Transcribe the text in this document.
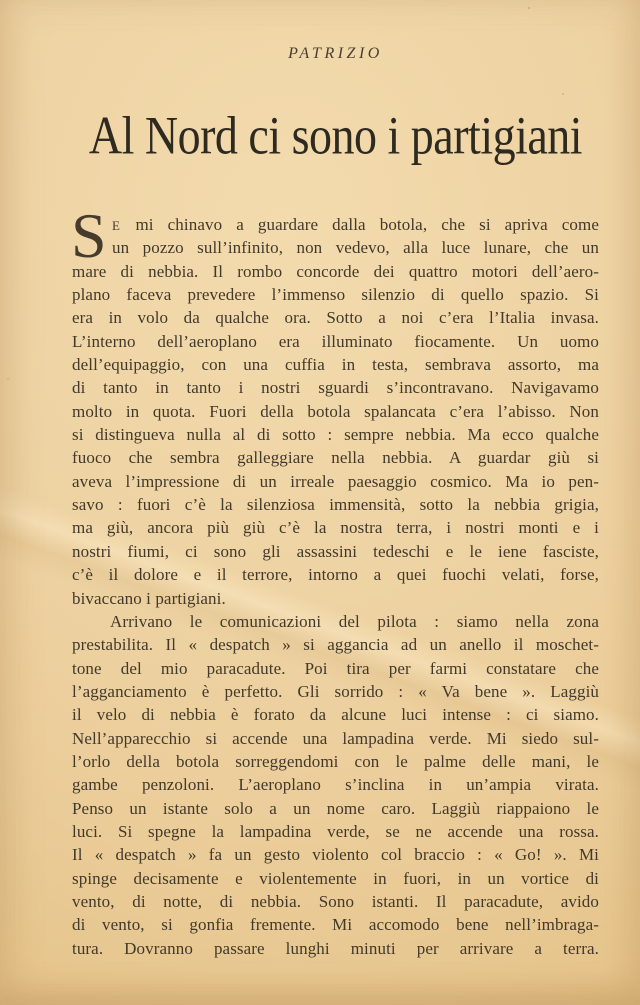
PATRIZIO
Al Nord ci sono i partigiani
S E mi chinavo a guardare dalla botola, che si apriva come
un pozzo sull’infinito, non vedevo, alla luce lunare, che un
mare di nebbia. Il rombo concorde dei quattro motori dell’aero-
plano faceva prevedere l’immenso silenzio di quello spazio. Si
era in volo da qualche ora. Sotto a noi c’era l’Italia invasa.
L’interno dell’aeroplano era illuminato fiocamente. Un uomo
dell’equipaggio, con una cuffia in testa, sembrava assorto, ma
di tanto in tanto i nostri sguardi s’incontravano. Navigavamo
molto in quota. Fuori della botola spalancata c’era l’abisso. Non
si distingueva nulla al di sotto : sempre nebbia. Ma ecco qualche
fuoco che sembra galleggiare nella nebbia. A guardar giù si
aveva l’impressione di un irreale paesaggio cosmico. Ma io pen-
savo : fuori c’è la silenziosa immensità, sotto la nebbia grigia,
ma giù, ancora più giù c’è la nostra terra, i nostri monti e i
nostri fiumi, ci sono gli assassini tedeschi e le iene fasciste,
c’è il dolore e il terrore, intorno a quei fuochi velati, forse,
bivaccano i partigiani.
Arrivano le comunicazioni del pilota : siamo nella zona
prestabilita. Il « despatch » si aggancia ad un anello il moschet-
tone del mio paracadute. Poi tira per farmi constatare che
l’agganciamento è perfetto. Gli sorrido : « Va bene ». Laggiù
il velo di nebbia è forato da alcune luci intense : ci siamo.
Nell’apparecchio si accende una lampadina verde. Mi siedo sul-
l’orlo della botola sorreggendomi con le palme delle mani, le
gambe penzoloni. L’aeroplano s’inclina in un’ampia virata.
Penso un istante solo a un nome caro. Laggiù riappaiono le
luci. Si spegne la lampadina verde, se ne accende una rossa.
Il « despatch » fa un gesto violento col braccio : « Go! ». Mi
spinge decisamente e violentemente in fuori, in un vortice di
vento, di notte, di nebbia. Sono istanti. Il paracadute, avido
di vento, si gonfia fremente. Mi accomodo bene nell’imbraga-
tura. Dovranno passare lunghi minuti per arrivare a terra.
